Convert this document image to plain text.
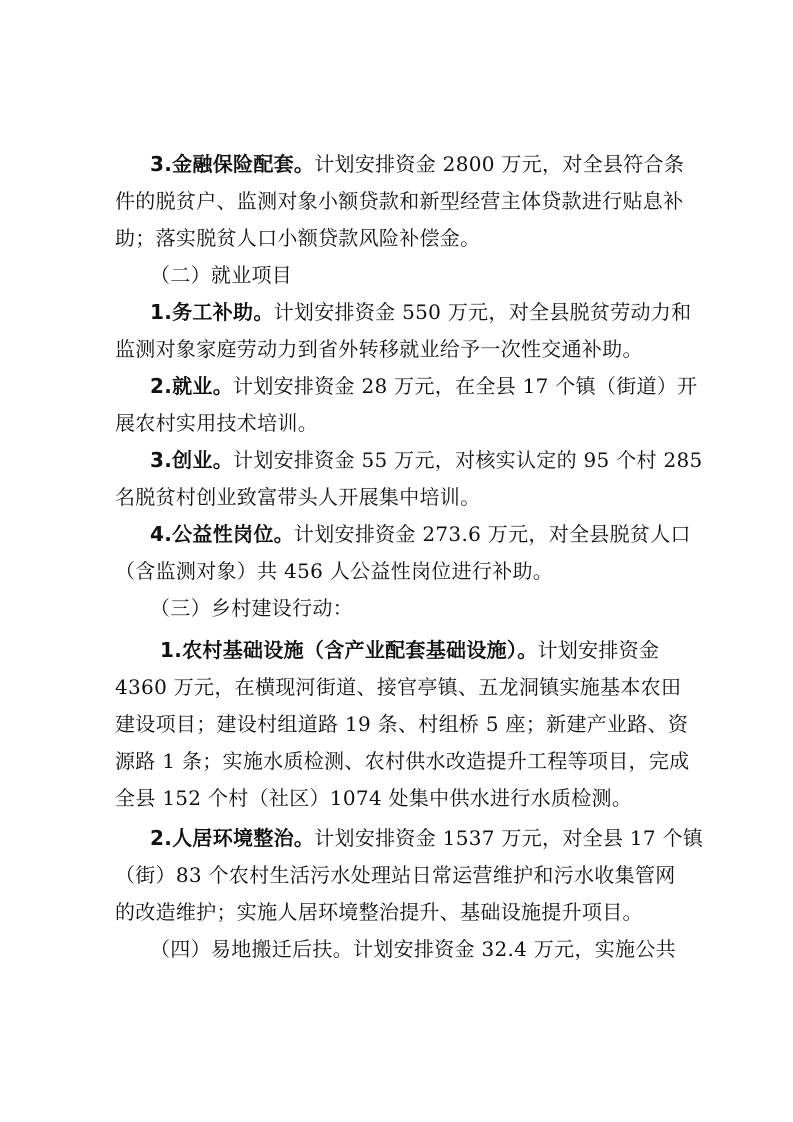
3.金融保险配套。计划安排资金 2800 万元，对全县符合条
件的脱贫户、监测对象小额贷款和新型经营主体贷款进行贴息补
助；落实脱贫人口小额贷款风险补偿金。
（二）就业项目
1.务工补助。计划安排资金 550 万元，对全县脱贫劳动力和
监测对象家庭劳动力到省外转移就业给予一次性交通补助。
2.就业。计划安排资金 28 万元，在全县 17 个镇（街道）开
展农村实用技术培训。
3.创业。计划安排资金 55 万元，对核实认定的 95 个村 285
名脱贫村创业致富带头人开展集中培训。
4.公益性岗位。计划安排资金 273.6 万元，对全县脱贫人口
（含监测对象）共 456 人公益性岗位进行补助。
（三）乡村建设行动：
1.农村基础设施（含产业配套基础设施）。计划安排资金
4360 万元，在横现河街道、接官亭镇、五龙洞镇实施基本农田
建设项目；建设村组道路 19 条、村组桥 5 座；新建产业路、资
源路 1 条；实施水质检测、农村供水改造提升工程等项目，完成
全县 152 个村（社区）1074 处集中供水进行水质检测。
2.人居环境整治。计划安排资金 1537 万元，对全县 17 个镇
（街）83 个农村生活污水处理站日常运营维护和污水收集管网
的改造维护；实施人居环境整治提升、基础设施提升项目。
（四）易地搬迁后扶。计划安排资金 32.4 万元，实施公共
